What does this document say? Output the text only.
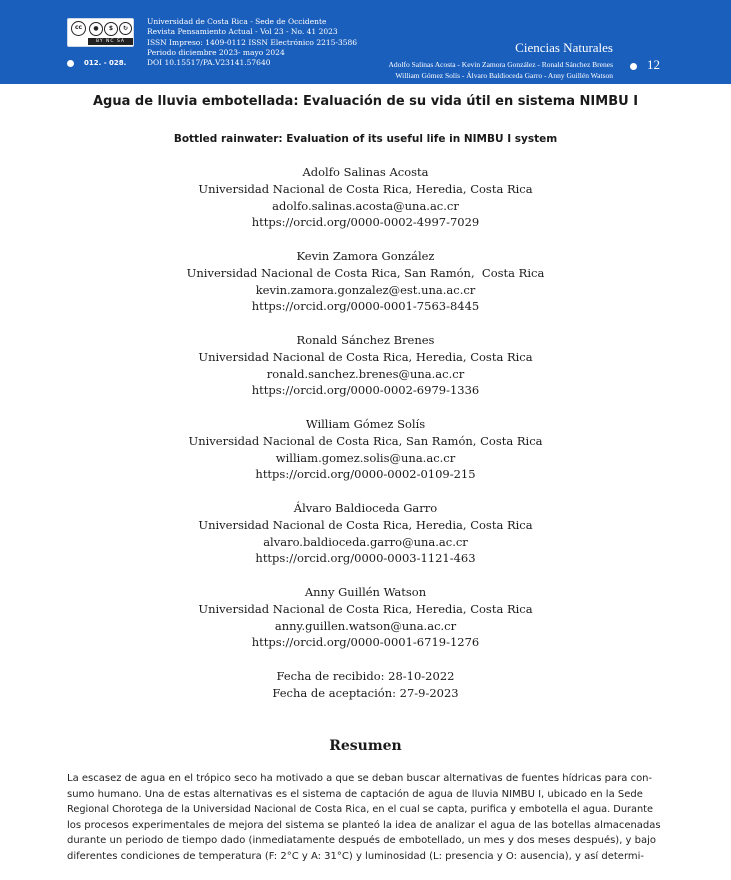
cc	●	$	↻
BY NC SA
012. - 028.
Universidad de Costa Rica - Sede de Occidente
Revista Pensamiento Actual - Vol 23 - No. 41 2023
ISSN Impreso: 1409-0112 ISSN Electrónico 2215-3586
Periodo diciembre 2023- mayo 2024
DOI 10.15517/PA.V23141.57640
Ciencias Naturales
Adolfo Salinas Acosta - Kevin Zamora González - Ronald Sánchez Brenes
William Gómez Solís - Álvaro Baldioceda Garro - Anny Guillén Watson
12
Agua de lluvia embotellada: Evaluación de su vida útil en sistema NIMBU I
Bottled rainwater: Evaluation of its useful life in NIMBU I system
Adolfo Salinas Acosta
Universidad Nacional de Costa Rica, Heredia, Costa Rica
adolfo.salinas.acosta@una.ac.cr
https://orcid.org/0000-0002-4997-7029
Kevin Zamora González
Universidad Nacional de Costa Rica, San Ramón,  Costa Rica
kevin.zamora.gonzalez@est.una.ac.cr
https://orcid.org/0000-0001-7563-8445
Ronald Sánchez Brenes
Universidad Nacional de Costa Rica, Heredia, Costa Rica
ronald.sanchez.brenes@una.ac.cr
https://orcid.org/0000-0002-6979-1336
William Gómez Solís
Universidad Nacional de Costa Rica, San Ramón, Costa Rica
william.gomez.solis@una.ac.cr
https://orcid.org/0000-0002-0109-215
Álvaro Baldioceda Garro
Universidad Nacional de Costa Rica, Heredia, Costa Rica
alvaro.baldioceda.garro@una.ac.cr
https://orcid.org/0000-0003-1121-463
Anny Guillén Watson
Universidad Nacional de Costa Rica, Heredia, Costa Rica
anny.guillen.watson@una.ac.cr
https://orcid.org/0000-0001-6719-1276
Fecha de recibido: 28-10-2022
Fecha de aceptación: 27-9-2023
Resumen
La escasez de agua en el trópico seco ha motivado a que se deban buscar alternativas de fuentes hídricas para con-
sumo humano. Una de estas alternativas es el sistema de captación de agua de lluvia NIMBU I, ubicado en la Sede
Regional Chorotega de la Universidad Nacional de Costa Rica, en el cual se capta, purifica y embotella el agua. Durante
los procesos experimentales de mejora del sistema se planteó la idea de analizar el agua de las botellas almacenadas
durante un periodo de tiempo dado (inmediatamente después de embotellado, un mes y dos meses después), y bajo
diferentes condiciones de temperatura (F: 2°C y A: 31°C) y luminosidad (L: presencia y O: ausencia), y así determi-
